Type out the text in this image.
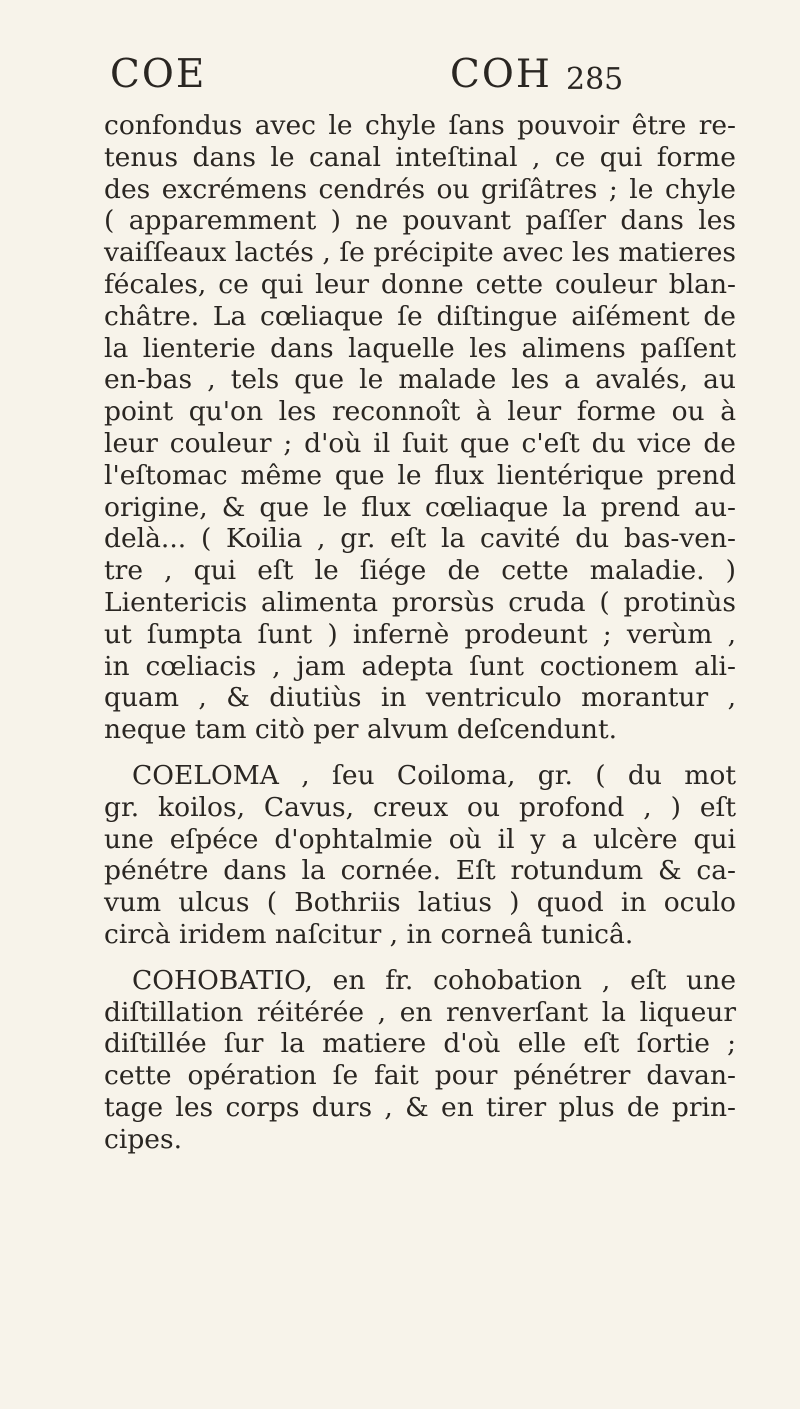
COE	COH 285
confondus avec le chyle ſans pouvoir être re-
tenus dans le canal inteſtinal , ce qui forme
des excrémens cendrés ou griſâtres ; le chyle
( apparemment ) ne pouvant paſſer dans les
vaiſſeaux lactés , ſe précipite avec les matieres
fécales, ce qui leur donne cette couleur blan-
châtre. La cœliaque ſe diſtingue aiſément de
la lienterie dans laquelle les alimens paſſent
en-bas , tels que le malade les a avalés, au
point qu'on les reconnoît à leur forme ou à
leur couleur ; d'où il ſuit que c'eſt du vice de
l'eſtomac même que le flux lientérique prend
origine, & que le flux cœliaque la prend au-
delà... ( Koilia , gr. eſt la cavité du bas-ven-
tre , qui eſt le ſiége de cette maladie. )
Lientericis alimenta prorsùs cruda ( protinùs
ut ſumpta ſunt ) infernè prodeunt ; verùm ,
in cœliacis , jam adepta ſunt coctionem ali-
quam , & diutiùs in ventriculo morantur ,
neque tam citò per alvum deſcendunt.
COELOMA , ſeu Coiloma, gr. ( du mot
gr. koilos, Cavus, creux ou profond , ) eſt
une eſpéce d'ophtalmie où il y a ulcère qui
pénétre dans la cornée. Eſt rotundum & ca-
vum ulcus ( Bothriis latius ) quod in oculo
circà iridem naſcitur , in corneâ tunicâ.
COHOBATIO, en fr. cohobation , eſt une
diſtillation réitérée , en renverſant la liqueur
diſtillée ſur la matiere d'où elle eſt ſortie ;
cette opération ſe fait pour pénétrer davan-
tage les corps durs , & en tirer plus de prin-
cipes.
